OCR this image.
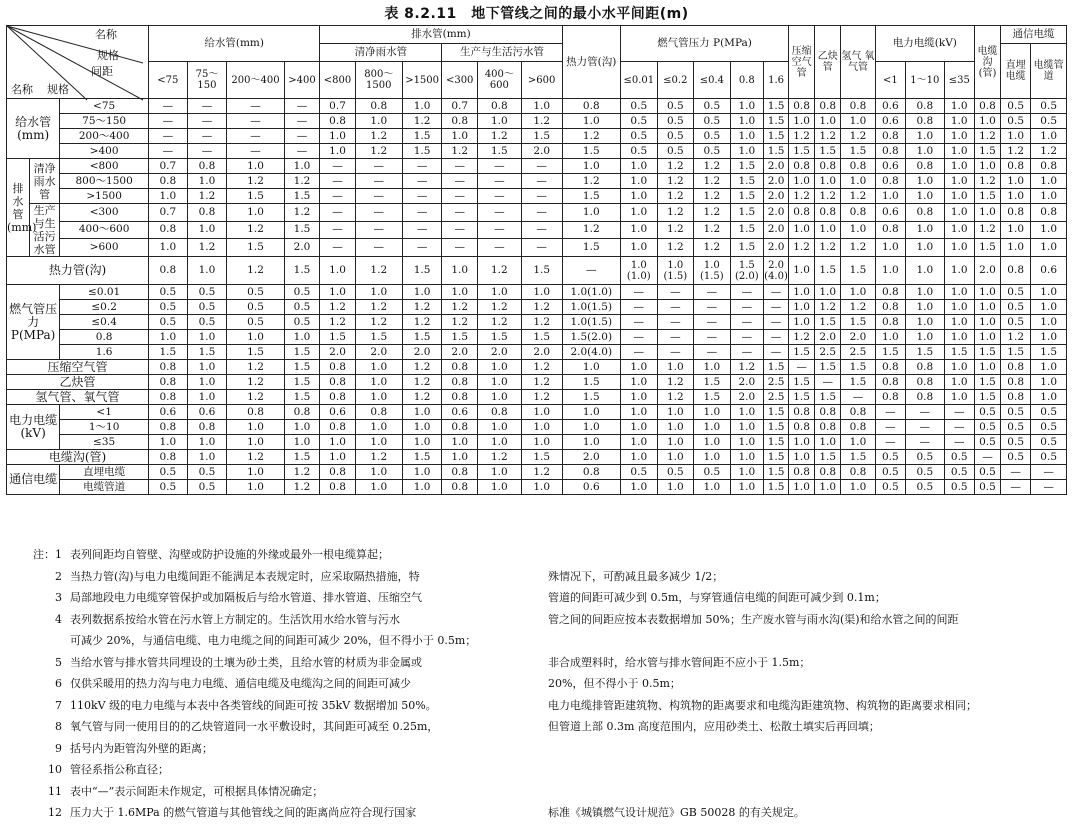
表 8.2.11　地下管线之间的最小水平间距(m)
名称
规格
间距
名称 规格			给水管(mm)				排水管(mm)						热力管(沟)	燃气管压力 P(MPa)					压缩空气管	乙炔管	氢气 氧气管	电力电缆(kV)			电缆沟(管)	通信电缆	
							清净雨水管			生产与生活污水管																直埋电缆	电缆管道
			<75	75～150	200～400	>400	<800	800～1500	>1500	<300	400～600	>600		≤0.01	≤0.2	≤0.4	0.8	1.6				<1	1～10	≤35			
给水管(mm)		<75	—	—	—	—	0.7	0.8	1.0	0.7	0.8	1.0	0.8	0.5	0.5	0.5	1.0	1.5	0.8	0.8	0.8	0.6	0.8	1.0	0.8	0.5	0.5
		75～150	—	—	—	—	0.8	1.0	1.2	0.8	1.0	1.2	1.0	0.5	0.5	0.5	1.0	1.5	1.0	1.0	1.0	0.6	0.8	1.0	1.0	0.5	0.5
		200～400	—	—	—	—	1.0	1.2	1.5	1.0	1.2	1.5	1.2	0.5	0.5	0.5	1.0	1.5	1.2	1.2	1.2	0.8	1.0	1.0	1.2	1.0	1.0
		>400	—	—	—	—	1.0	1.2	1.5	1.2	1.5	2.0	1.5	0.5	0.5	0.5	1.0	1.5	1.5	1.5	1.5	0.8	1.0	1.0	1.5	1.2	1.2
排水管 (mm)	清净雨水管	<800	0.7	0.8	1.0	1.0	—	—	—	—	—	—	1.0	1.0	1.2	1.2	1.5	2.0	0.8	0.8	0.8	0.6	0.8	1.0	1.0	0.8	0.8
		800～1500	0.8	1.0	1.2	1.2	—	—	—	—	—	—	1.2	1.0	1.2	1.2	1.5	2.0	1.0	1.0	1.0	0.8	1.0	1.0	1.2	1.0	1.0
		>1500	1.0	1.2	1.5	1.5	—	—	—	—	—	—	1.5	1.0	1.2	1.2	1.5	2.0	1.2	1.2	1.2	1.0	1.0	1.0	1.5	1.0	1.0
	生产与生活污水管	<300	0.7	0.8	1.0	1.2	—	—	—	—	—	—	1.0	1.0	1.2	1.2	1.5	2.0	0.8	0.8	0.8	0.6	0.8	1.0	1.0	0.8	0.8
		400～600	0.8	1.0	1.2	1.5	—	—	—	—	—	—	1.2	1.0	1.2	1.2	1.5	2.0	1.0	1.0	1.0	0.8	1.0	1.0	1.2	1.0	1.0
		>600	1.0	1.2	1.5	2.0	—	—	—	—	—	—	1.5	1.0	1.2	1.2	1.5	2.0	1.2	1.2	1.2	1.0	1.0	1.0	1.5	1.0	1.0
热力管(沟)			0.8	1.0	1.2	1.5	1.0	1.2	1.5	1.0	1.2	1.5	—	1.0 (1.0)	1.0 (1.5)	1.0 (1.5)	1.5 (2.0)	2.0 (4.0)	1.0	1.5	1.5	1.0	1.0	1.0	2.0	0.8	0.6
燃气管压力 P(MPa)		≤0.01	0.5	0.5	0.5	0.5	1.0	1.0	1.0	1.0	1.0	1.0	1.0(1.0)	—	—	—	—	—	1.0	1.0	1.0	0.8	1.0	1.0	1.0	0.5	1.0
		≤0.2	0.5	0.5	0.5	0.5	1.2	1.2	1.2	1.2	1.2	1.2	1.0(1.5)	—	—	—	—	—	1.0	1.2	1.2	0.8	1.0	1.0	1.0	0.5	1.0
		≤0.4	0.5	0.5	0.5	0.5	1.2	1.2	1.2	1.2	1.2	1.2	1.0(1.5)	—	—	—	—	—	1.0	1.5	1.5	0.8	1.0	1.0	1.0	0.5	1.0
		0.8	1.0	1.0	1.0	1.0	1.5	1.5	1.5	1.5	1.5	1.5	1.5(2.0)	—	—	—	—	—	1.2	2.0	2.0	1.0	1.0	1.0	1.0	1.2	1.0
		1.6	1.5	1.5	1.5	1.5	2.0	2.0	2.0	2.0	2.0	2.0	2.0(4.0)	—	—	—	—	—	1.5	2.5	2.5	1.5	1.5	1.5	1.5	1.5	1.5
压缩空气管			0.8	1.0	1.2	1.5	0.8	1.0	1.2	0.8	1.0	1.2	1.0	1.0	1.0	1.0	1.2	1.5	—	1.5	1.5	0.8	0.8	1.0	1.0	0.8	1.0
乙炔管			0.8	1.0	1.2	1.5	0.8	1.0	1.2	0.8	1.0	1.2	1.5	1.0	1.2	1.5	2.0	2.5	1.5	—	1.5	0.8	0.8	1.0	1.5	0.8	1.0
氢气管、氧气管			0.8	1.0	1.2	1.5	0.8	1.0	1.2	0.8	1.0	1.2	1.5	1.0	1.2	1.5	2.0	2.5	1.5	1.5	—	0.8	0.8	1.0	1.5	0.8	1.0
电力电缆 (kV)		<1	0.6	0.6	0.8	0.8	0.6	0.8	1.0	0.6	0.8	1.0	1.0	1.0	1.0	1.0	1.0	1.5	0.8	0.8	0.8	—	—	—	0.5	0.5	0.5
		1～10	0.8	0.8	1.0	1.0	0.8	1.0	1.0	0.8	1.0	1.0	1.0	1.0	1.0	1.0	1.0	1.5	0.8	0.8	0.8	—	—	—	0.5	0.5	0.5
		≤35	1.0	1.0	1.0	1.0	1.0	1.0	1.0	1.0	1.0	1.0	1.0	1.0	1.0	1.0	1.0	1.5	1.0	1.0	1.0	—	—	—	0.5	0.5	0.5
电缆沟(管)			0.8	1.0	1.2	1.5	1.0	1.2	1.5	1.0	1.2	1.5	2.0	1.0	1.0	1.0	1.0	1.5	1.0	1.5	1.5	0.5	0.5	0.5	—	0.5	0.5
通信电缆		直埋电缆	0.5	0.5	1.0	1.2	0.8	1.0	1.0	0.8	1.0	1.2	0.8	0.5	0.5	0.5	1.0	1.5	0.8	0.8	0.8	0.5	0.5	0.5	0.5	—	—
		电缆管道	0.5	0.5	1.0	1.2	0.8	1.0	1.0	0.8	1.0	1.0	0.6	1.0	1.0	1.0	1.0	1.5	1.0	1.0	1.0	0.5	0.5	0.5	0.5	—	—
注：1 表列间距均自管壁、沟壁或防护设施的外缘或最外一根电缆算起；
2 当热力管(沟)与电力电缆间距不能满足本表规定时，应采取隔热措施，特	殊情况下，可酌减且最多减少 1/2；
3 局部地段电力电缆穿管保护或加隔板后与给水管道、排水管道、压缩空气	管道的间距可减少到 0.5m，与穿管通信电缆的间距可减少到 0.1m；
4 表列数据系按给水管在污水管上方制定的。生活饮用水给水管与污水	管之间的间距应按本表数据增加 50%；生产废水管与雨水沟(渠)和给水管之间的间距
可减少 20%，与通信电缆、电力电缆之间的间距可减少 20%，但不得小于 0.5m；
5 当给水管与排水管共同埋设的土壤为砂土类，且给水管的材质为非金属或	非合成塑料时，给水管与排水管间距不应小于 1.5m；
6 仅供采暖用的热力沟与电力电缆、通信电缆及电缆沟之间的间距可减少	20%，但不得小于 0.5m；
7 110kV 级的电力电缆与本表中各类管线的间距可按 35kV 数据增加 50%。	电力电缆排管距建筑物、构筑物的距离要求和电缆沟距建筑物、构筑物的距离要求相同；
8 氧气管与同一使用目的的乙炔管道同一水平敷设时，其间距可减至 0.25m，	但管道上部 0.3m 高度范围内，应用砂类土、松散土填实后再回填；
9 括号内为距管沟外壁的距离；
10 管径系指公称直径；
11 表中“—”表示间距未作规定，可根据具体情况确定；
12 压力大于 1.6MPa 的燃气管道与其他管线之间的距离尚应符合现行国家	标准《城镇燃气设计规范》GB 50028 的有关规定。
